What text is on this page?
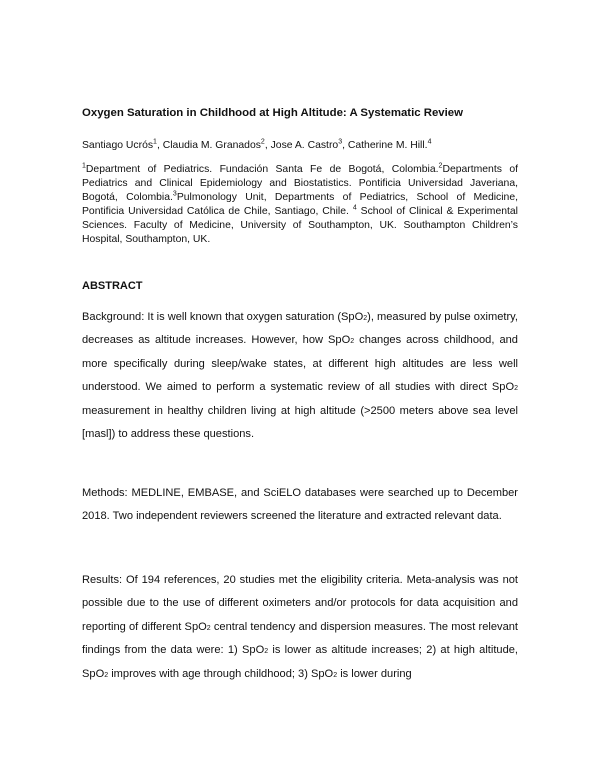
Oxygen Saturation in Childhood at High Altitude: A Systematic Review
Santiago Ucrós$^1$, Claudia M. Granados$^2$, Jose A. Castro$^3$, Catherine M. Hill.$^4$
$^1$Department of Pediatrics. Fundación Santa Fe de Bogotá, Colombia.$^2$Departments of Pediatrics and Clinical Epidemiology and Biostatistics. Pontificia Universidad Javeriana, Bogotá, Colombia.$^3$Pulmonology Unit, Departments of Pediatrics, School of Medicine, Pontificia Universidad Católica de Chile, Santiago, Chile. $^4$ School of Clinical & Experimental Sciences. Faculty of Medicine, University of Southampton, UK. Southampton Children’s Hospital, Southampton, UK.
ABSTRACT
Background: It is well known that oxygen saturation (SpO2), measured by pulse oximetry, decreases as altitude increases. However, how SpO2 changes across childhood, and more specifically during sleep/wake states, at different high altitudes are less well understood. We aimed to perform a systematic review of all studies with direct SpO2 measurement in healthy children living at high altitude (>2500 meters above sea level [masl]) to address these questions.
Methods: MEDLINE, EMBASE, and SciELO databases were searched up to December 2018. Two independent reviewers screened the literature and extracted relevant data.
Results: Of 194 references, 20 studies met the eligibility criteria. Meta-analysis was not possible due to the use of different oximeters and/or protocols for data acquisition and reporting of different SpO2 central tendency and dispersion measures. The most relevant findings from the data were: 1) SpO2 is lower as altitude increases; 2) at high altitude, SpO2 improves with age through childhood; 3) SpO2 is lower during
